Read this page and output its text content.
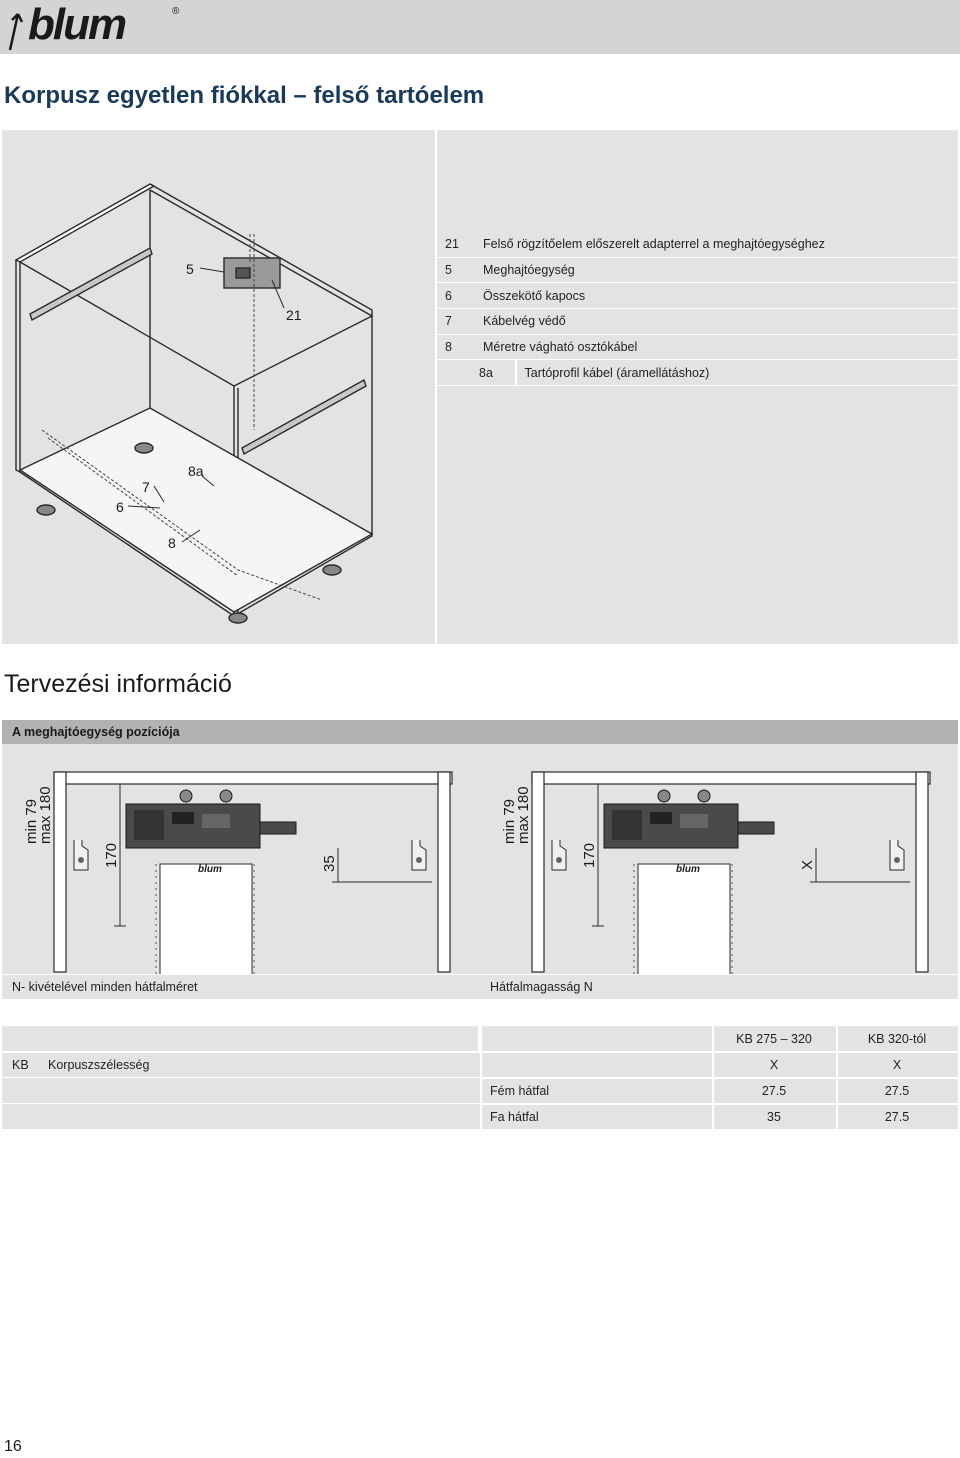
blum	®
Korpusz egyetlen fiókkal – felső tartóelem
5
21
6
7
8a
8
21	Felső rögzítőelem előszerelt adapterrel a meghajtóegységhez
5	Meghajtóegység
6	Összekötő kapocs
7	Kábelvég védő
8	Méretre vágható osztókábel
8a	Tartóprofil kábel (áramellátáshoz)
Tervezési információ
A meghajtóegység pozíciója
min 79
max 180
170	35
blum
min 79
max 180
170	X
blum
N- kivételével minden hátfalméret	Hátfalmagasság N
KB 275 – 320	KB 320-tól
KB Korpuszszélesség	X	X
Fém hátfal	27.5	27.5
Fa hátfal	35	27.5
16
